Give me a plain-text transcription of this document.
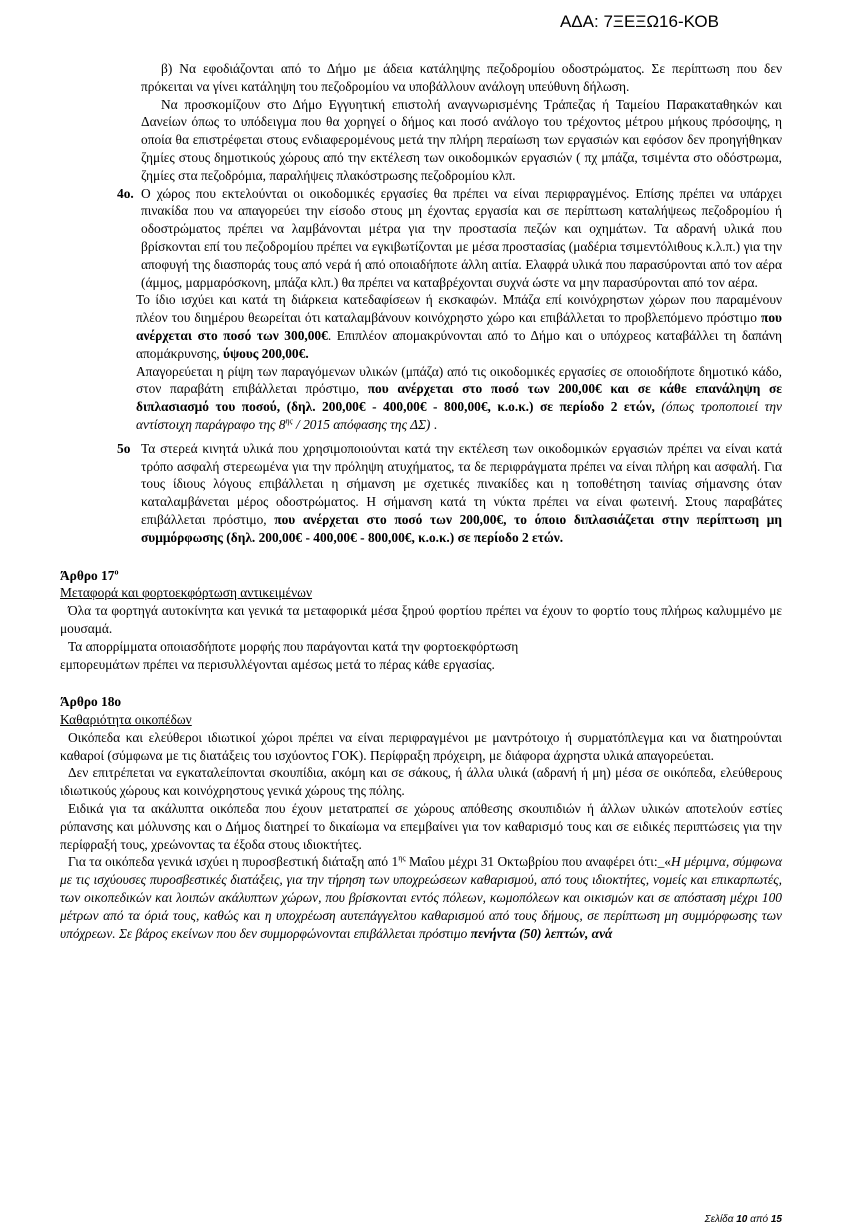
ΑΔΑ: 7ΞΕΞΩ16-ΚΟΒ

β) Να εφοδιάζονται από το Δήμο με άδεια κατάληψης πεζοδρομίου οδοστρώματος. Σε περίπτωση που δεν πρόκειται να γίνει κατάληψη του πεζοδρομίου να υποβάλλουν ανάλογη υπεύθυνη δήλωση.

Να προσκομίζουν στο Δήμο Εγγυητική επιστολή αναγνωρισμένης Τράπεζας ή Ταμείου Παρακαταθηκών και Δανείων όπως το υπόδειγμα που θα χορηγεί ο δήμος και ποσό ανάλογο του τρέχοντος μέτρου μήκους πρόσοψης, η οποία θα επιστρέφεται στους ενδιαφερομένους μετά την πλήρη περαίωση των εργασιών και εφόσον δεν προηγήθηκαν ζημίες στους δημοτικούς χώρους από την εκτέλεση των οικοδομικών εργασιών ( πχ μπάζα, τσιμέντα στο οδόστρωμα, ζημίες στα πεζοδρόμια, παραλήψεις πλακόστρωσης πεζοδρομίου κλπ.

4ο. Ο χώρος που εκτελούνται οι οικοδομικές εργασίες θα πρέπει να είναι περιφραγμένος. Επίσης πρέπει να υπάρχει πινακίδα που να απαγορεύει την είσοδο στους μη έχοντας εργασία και σε περίπτωση καταλήψεως πεζοδρομίου ή οδοστρώματος πρέπει να λαμβάνονται μέτρα για την προστασία πεζών και οχημάτων. Τα αδρανή υλικά που βρίσκονται επί του πεζοδρομίου πρέπει να εγκιβωτίζονται με μέσα προστασίας (μαδέρια τσιμεντόλιθους κ.λ.π.) για την αποφυγή της διασποράς τους από νερά ή από οποιαδήποτε άλλη αιτία. Ελαφρά υλικά που παρασύρονται από τον αέρα (άμμος, μαρμαρόσκονη, μπάζα κλπ.) θα πρέπει να καταβρέχονται συχνά ώστε να μην παρασύρονται από τον αέρα.

Το ίδιο ισχύει και κατά τη διάρκεια κατεδαφίσεων ή εκσκαφών. Μπάζα επί κοινόχρηστων χώρων που παραμένουν πλέον του διημέρου θεωρείται ότι καταλαμβάνουν κοινόχρηστο χώρο και επιβάλλεται το προβλεπόμενο πρόστιμο που ανέρχεται στο ποσό των 300,00€. Επιπλέον απομακρύνονται από το Δήμο και ο υπόχρεος καταβάλλει τη δαπάνη απομάκρυνσης, ύψους 200,00€.

Απαγορεύεται η ρίψη των παραγόμενων υλικών (μπάζα) από τις οικοδομικές εργασίες σε οποιοδήποτε δημοτικό κάδο, στον παραβάτη επιβάλλεται πρόστιμο, που ανέρχεται στο ποσό των 200,00€ και σε κάθε επανάληψη σε διπλασιασμό του ποσού, (δηλ. 200,00€ - 400,00€ - 800,00€, κ.ο.κ.) σε περίοδο 2 ετών, (όπως τροποποιεί την αντίστοιχη παράγραφο της $8^{\eta\varsigma} / 2015$ απόφασης της ΔΣ) .

5ο Τα στερεά κινητά υλικά που χρησιμοποιούνται κατά την εκτέλεση των οικοδομικών εργασιών πρέπει να είναι κατά τρόπο ασφαλή στερεωμένα για την πρόληψη ατυχήματος, τα δε περιφράγματα πρέπει να είναι πλήρη και ασφαλή. Για τους ίδιους λόγους επιβάλλεται η σήμανση με σχετικές πινακίδες και η τοποθέτηση ταινίας σήμανσης όταν καταλαμβάνεται μέρος οδοστρώματος. Η σήμανση κατά τη νύκτα πρέπει να είναι φωτεινή. Στους παραβάτες επιβάλλεται πρόστιμο, που ανέρχεται στο ποσό των 200,00€, το όποιο διπλασιάζεται στην περίπτωση μη συμμόρφωσης (δηλ. 200,00€ - 400,00€ - 800,00€, κ.ο.κ.) σε περίοδο 2 ετών.

Άρθρο $17^o$
Μεταφορά και φορτοεκφόρτωση αντικειμένων

Όλα τα φορτηγά αυτοκίνητα και γενικά τα μεταφορικά μέσα ξηρού φορτίου πρέπει να έχουν το φορτίο τους πλήρως καλυμμένο με μουσαμά.

Τα απορρίμματα οποιασδήποτε μορφής που παράγονται κατά την φορτοεκφόρτωση

εμπορευμάτων πρέπει να περισυλλέγονται αμέσως μετά το πέρας κάθε εργασίας.

Άρθρο 18ο
Καθαριότητα οικοπέδων

Οικόπεδα και ελεύθεροι ιδιωτικοί χώροι πρέπει να είναι περιφραγμένοι με μαντρότοιχο ή συρματόπλεγμα και να διατηρούνται καθαροί (σύμφωνα με τις διατάξεις του ισχύοντος ΓΟΚ). Περίφραξη πρόχειρη, με διάφορα άχρηστα υλικά απαγορεύεται.

Δεν επιτρέπεται να εγκαταλείπονται σκουπίδια, ακόμη και σε σάκους, ή άλλα υλικά (αδρανή ή μη) μέσα σε οικόπεδα, ελεύθερους ιδιωτικούς χώρους και κοινόχρηστους γενικά χώρους της πόλης.

Ειδικά για τα ακάλυπτα οικόπεδα που έχουν μετατραπεί σε χώρους απόθεσης σκουπιδιών ή άλλων υλικών αποτελούν εστίες ρύπανσης και μόλυνσης και ο Δήμος διατηρεί το δικαίωμα να επεμβαίνει για τον καθαρισμό τους και σε ειδικές περιπτώσεις για την περίφραξή τους, χρεώνοντας τα έξοδα στους ιδιοκτήτες.

Για τα οικόπεδα γενικά ισχύει η πυροσβεστική διάταξη από $1^{\eta\varsigma}$ Μαΐου μέχρι 31 Οκτωβρίου που αναφέρει ότι:_«Η μέριμνα, σύμφωνα με τις ισχύουσες πυροσβεστικές διατάξεις, για την τήρηση των υποχρεώσεων καθαρισμού, από τους ιδιοκτήτες, νομείς και επικαρπωτές, των οικοπεδικών και λοιπών ακάλυπτων χώρων, που βρίσκονται εντός πόλεων, κωμοπόλεων και οικισμών και σε απόσταση μέχρι 100 μέτρων από τα όριά τους, καθώς και η υποχρέωση αυτεπάγγελτου καθαρισμού από τους δήμους, σε περίπτωση μη συμμόρφωσης των υπόχρεων. Σε βάρος εκείνων που δεν συμμορφώνονται επιβάλλεται πρόστιμο πενήντα (50) λεπτών, ανά

Σελίδα 10 από 15
